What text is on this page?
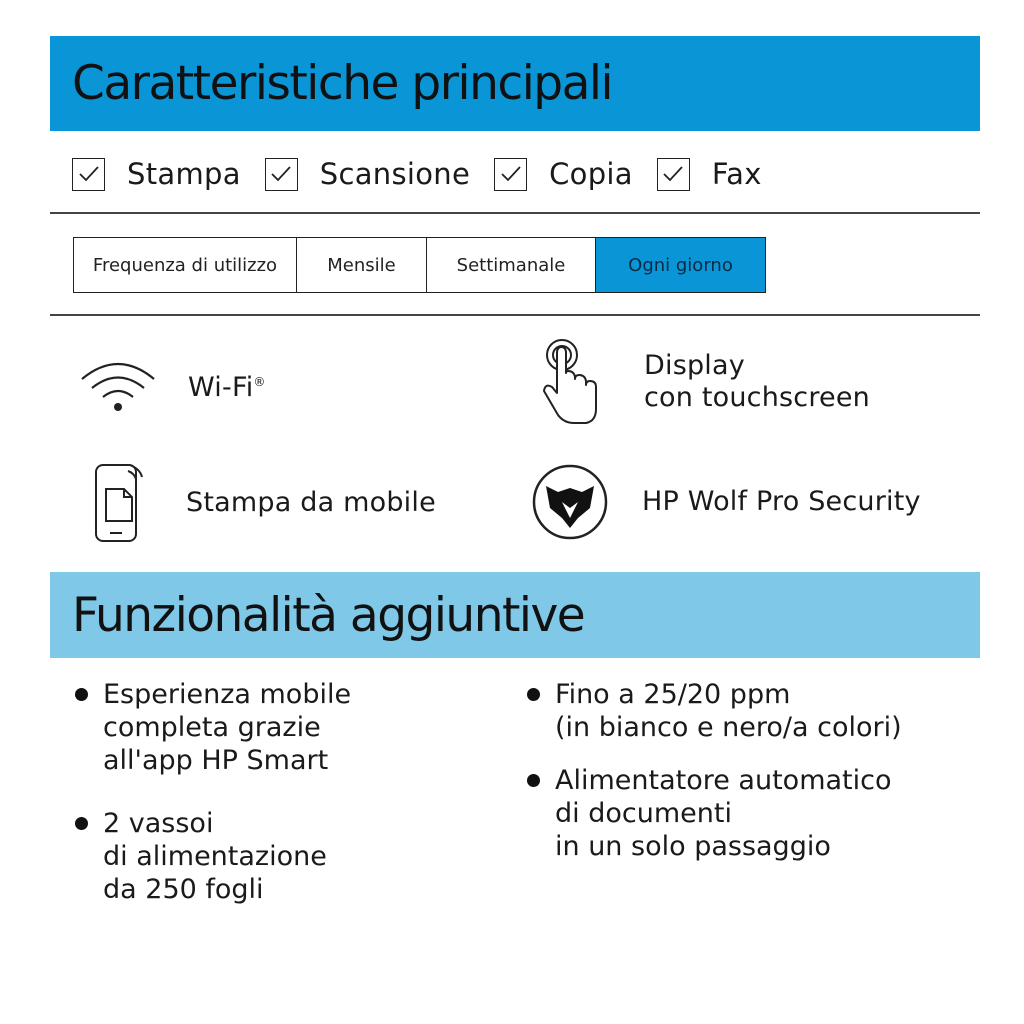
Caratteristiche principali
Stampa	Scansione	Copia	Fax
Frequenza di utilizzo	Mensile	Settimanale	Ogni giorno
Wi-Fi®
Display
con touchscreen
Stampa da mobile	HP Wolf Pro Security
Funzionalità aggiuntive
Esperienza mobile
completa grazie
all'app HP Smart
2 vassoi
di alimentazione
da 250 fogli
Fino a 25/20 ppm
(in bianco e nero/a colori)
Alimentatore automatico
di documenti
in un solo passaggio
